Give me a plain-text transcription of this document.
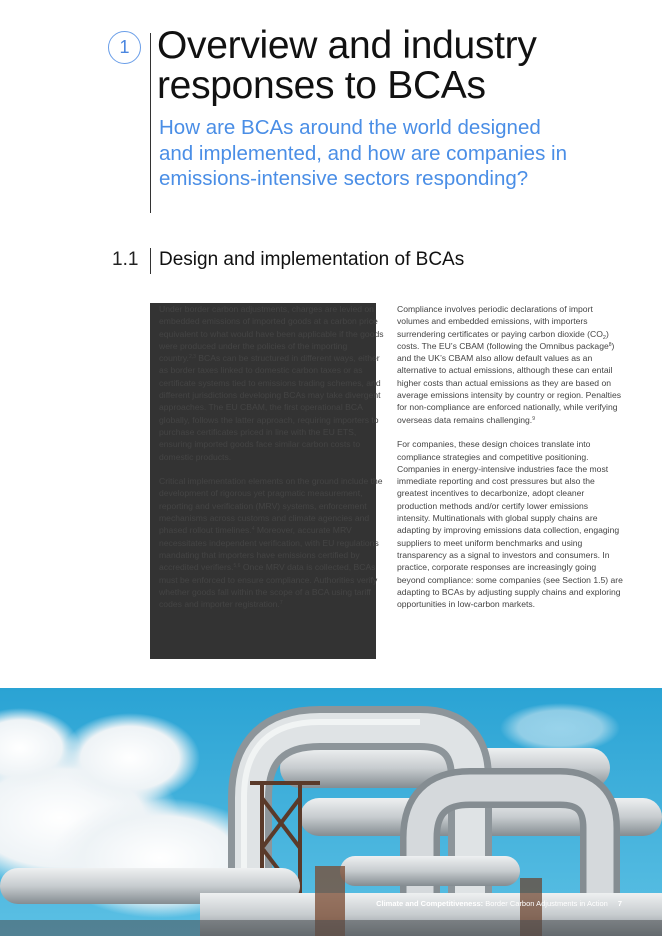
1 Overview and industry
responses to BCAs

How are BCAs around the world designed and implemented, and how are companies in emissions-intensive sectors responding?

1.1 Design and implementation of BCAs

Under border carbon adjustments, charges are levied on embedded emissions of imported goods at a carbon price equivalent to what would have been applicable if the goods were produced under the policies of the importing country.$^{2,3}$ BCAs can be structured in different ways, either as border taxes linked to domestic carbon taxes or as certificate systems tied to emissions trading schemes, and different jurisdictions developing BCAs may take divergent approaches. The EU CBAM, the first operational BCA globally, follows the latter approach, requiring importers to purchase certificates priced in line with the EU ETS, ensuring imported goods face similar carbon costs to domestic products.

Critical implementation elements on the ground include the development of rigorous yet pragmatic measurement, reporting and verification (MRV) systems, enforcement mechanisms across customs and climate agencies and phased rollout timelines.$^4$ Moreover, accurate MRV necessitates independent verification, with EU regulations mandating that importers have emissions certified by accredited verifiers.$^{5,6}$ Once MRV data is collected, BCAs must be enforced to ensure compliance. Authorities verify whether goods fall within the scope of a BCA using tariff codes and importer registration.$^7$

Compliance involves periodic declarations of import volumes and embedded emissions, with importers surrendering certificates or paying carbon dioxide $(CO_2)$ costs. The EU’s CBAM (following the Omnibus package$^8$) and the UK’s CBAM also allow default values as an alternative to actual emissions, although these can entail higher costs than actual emissions as they are based on average emissions intensity by country or region. Penalties for non-compliance are enforced nationally, while verifying overseas data remains challenging.$^9$

For companies, these design choices translate into compliance strategies and competitive positioning. Companies in energy-intensive industries face the most immediate reporting and cost pressures but also the greatest incentives to decarbonize, adopt cleaner production methods and/or certify lower emissions intensity. Multinationals with global supply chains are adapting by improving emissions data collection, engaging suppliers to meet uniform benchmarks and using transparency as a signal to investors and consumers. In practice, corporate responses are increasingly going beyond compliance: some companies (see Section 1.5) are adapting to BCAs by adjusting supply chains and exploring opportunities in low-carbon markets.

Climate and Competitiveness: Border Carbon Adjustments in Action 7
